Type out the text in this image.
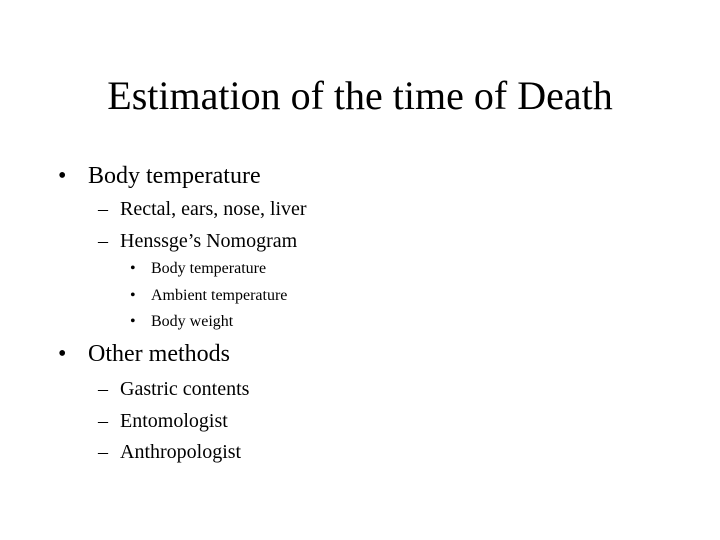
Estimation of the time of Death
• Body temperature
– Rectal, ears, nose, liver
– Henssge’s Nomogram
• Body temperature
• Ambient temperature
• Body weight
• Other methods
– Gastric contents
– Entomologist
– Anthropologist
